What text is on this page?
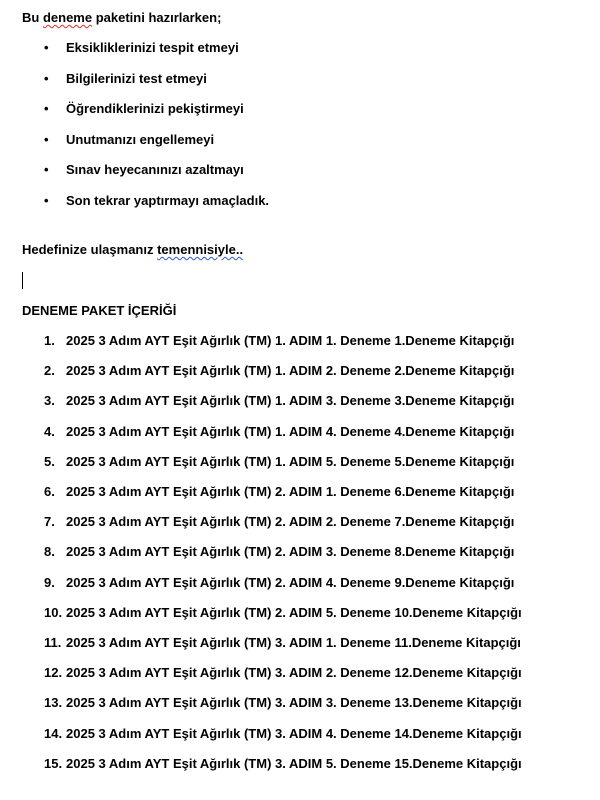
Bu deneme paketini hazırlarken;
• Eksikliklerinizi tespit etmeyi
• Bilgilerinizi test etmeyi
• Öğrendiklerinizi pekiştirmeyi
• Unutmanızı engellemeyi
• Sınav heyecanınızı azaltmayı
• Son tekrar yaptırmayı amaçladık.
Hedefinize ulaşmanız temennisiyle..
DENEME PAKET İÇERİĞİ
1. 2025 3 Adım AYT Eşit Ağırlık (TM) 1. ADIM 1. Deneme 1.Deneme Kitapçığı
2. 2025 3 Adım AYT Eşit Ağırlık (TM) 1. ADIM 2. Deneme 2.Deneme Kitapçığı
3. 2025 3 Adım AYT Eşit Ağırlık (TM) 1. ADIM 3. Deneme 3.Deneme Kitapçığı
4. 2025 3 Adım AYT Eşit Ağırlık (TM) 1. ADIM 4. Deneme 4.Deneme Kitapçığı
5. 2025 3 Adım AYT Eşit Ağırlık (TM) 1. ADIM 5. Deneme 5.Deneme Kitapçığı
6. 2025 3 Adım AYT Eşit Ağırlık (TM) 2. ADIM 1. Deneme 6.Deneme Kitapçığı
7. 2025 3 Adım AYT Eşit Ağırlık (TM) 2. ADIM 2. Deneme 7.Deneme Kitapçığı
8. 2025 3 Adım AYT Eşit Ağırlık (TM) 2. ADIM 3. Deneme 8.Deneme Kitapçığı
9. 2025 3 Adım AYT Eşit Ağırlık (TM) 2. ADIM 4. Deneme 9.Deneme Kitapçığı
10. 2025 3 Adım AYT Eşit Ağırlık (TM) 2. ADIM 5. Deneme 10.Deneme Kitapçığı
11. 2025 3 Adım AYT Eşit Ağırlık (TM) 3. ADIM 1. Deneme 11.Deneme Kitapçığı
12. 2025 3 Adım AYT Eşit Ağırlık (TM) 3. ADIM 2. Deneme 12.Deneme Kitapçığı
13. 2025 3 Adım AYT Eşit Ağırlık (TM) 3. ADIM 3. Deneme 13.Deneme Kitapçığı
14. 2025 3 Adım AYT Eşit Ağırlık (TM) 3. ADIM 4. Deneme 14.Deneme Kitapçığı
15. 2025 3 Adım AYT Eşit Ağırlık (TM) 3. ADIM 5. Deneme 15.Deneme Kitapçığı
